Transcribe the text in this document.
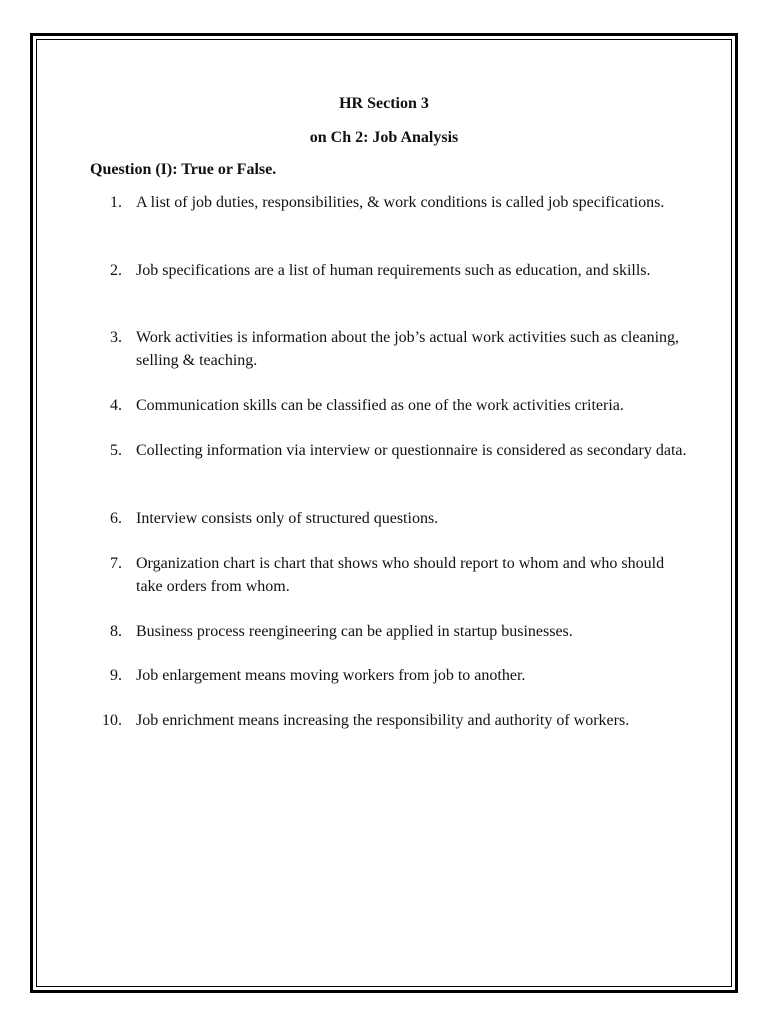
HR Section 3

on Ch 2: Job Analysis

Question (I): True or False.

1. A list of job duties, responsibilities, & work conditions is called job specifications.
2. Job specifications are a list of human requirements such as education, and skills.
3. Work activities is information about the job’s actual work activities such as cleaning, selling & teaching.
4. Communication skills can be classified as one of the work activities criteria.
5. Collecting information via interview or questionnaire is considered as secondary data.
6. Interview consists only of structured questions.
7. Organization chart is chart that shows who should report to whom and who should take orders from whom.
8. Business process reengineering can be applied in startup businesses.
9. Job enlargement means moving workers from job to another.
10. Job enrichment means increasing the responsibility and authority of workers.
